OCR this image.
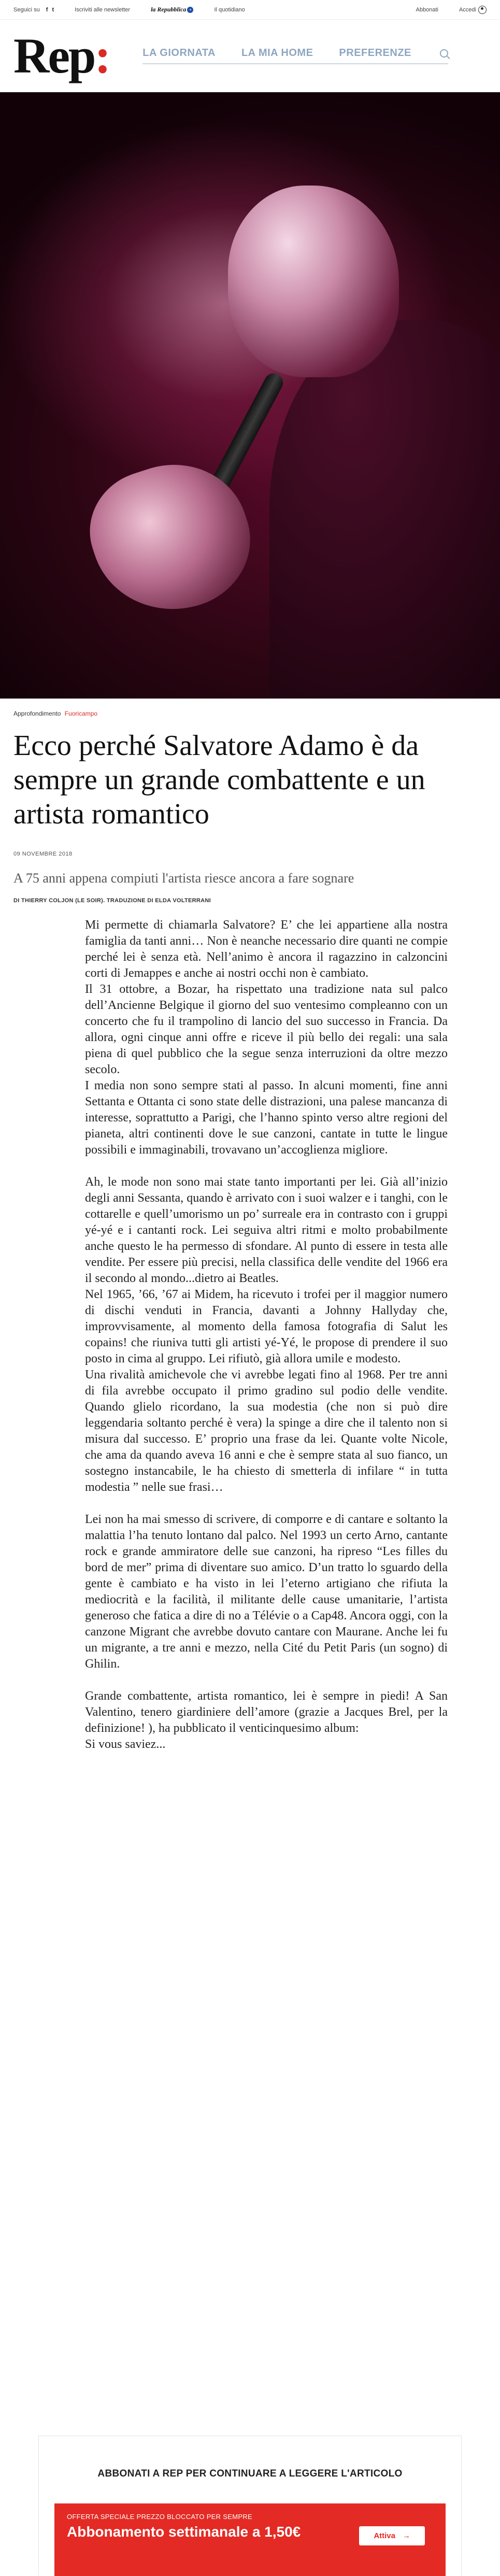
Seguici su f t	Iscriviti alle newsletter	la Repubblica +	Il quotidiano	Abbonati	Accedi
Rep:	LA GIORNATA	LA MIA HOME	PREFERENZE
Approfondimento Fuoricampo
Ecco perché Salvatore Adamo è da sempre un grande combattente e un artista romantico
09 NOVEMBRE 2018
A 75 anni appena compiuti l'artista riesce ancora a fare sognare
DI THIERRY COLJON (LE SOIR). TRADUZIONE DI ELDA VOLTERRANI

Mi permette di chiamarla Salvatore? E’ che lei appartiene alla nostra famiglia da tanti anni… Non è neanche necessario dire quanti ne compie perché lei è senza età. Nell’animo è ancora il ragazzino in calzoncini corti di Jemappes e anche ai nostri occhi non è cambiato.

Il 31 ottobre, a Bozar, ha rispettato una tradizione nata sul palco dell’Ancienne Belgique il giorno del suo ventesimo compleanno con un concerto che fu il trampolino di lancio del suo successo in Francia. Da allora, ogni cinque anni offre e riceve il più bello dei regali: una sala piena di quel pubblico che la segue senza interruzioni da oltre mezzo secolo.

I media non sono sempre stati al passo. In alcuni momenti, fine anni Settanta e Ottanta ci sono state delle distrazioni, una palese mancanza di interesse, soprattutto a Parigi, che l’hanno spinto verso altre regioni del pianeta, altri continenti dove le sue canzoni, cantate in tutte le lingue possibili e immaginabili, trovavano un’accoglienza migliore.

Ah, le mode non sono mai state tanto importanti per lei. Già all’inizio degli anni Sessanta, quando è arrivato con i suoi walzer e i tanghi, con le cottarelle e quell’umorismo un po’ surreale era in contrasto con i gruppi yé-yé e i cantanti rock. Lei seguiva altri ritmi e molto probabilmente anche questo le ha permesso di sfondare. Al punto di essere in testa alle vendite. Per essere più precisi, nella classifica delle vendite del 1966 era il secondo al mondo...dietro ai Beatles.

Nel 1965, ’66, ’67 ai Midem, ha ricevuto i trofei per il maggior numero di dischi venduti in Francia, davanti a Johnny Hallyday che, improvvisamente, al momento della famosa fotografia di Salut les copains! che riuniva tutti gli artisti yé-Yé, le propose di prendere il suo posto in cima al gruppo. Lei rifiutò, già allora umile e modesto.

Una rivalità amichevole che vi avrebbe legati fino al 1968. Per tre anni di fila avrebbe occupato il primo gradino sul podio delle vendite. Quando glielo ricordano, la sua modestia (che non si può dire leggendaria soltanto perché è vera) la spinge a dire che il talento non si misura dal successo. E’ proprio una frase da lei. Quante volte Nicole, che ama da quando aveva 16 anni e che è sempre stata al suo fianco, un sostegno instancabile, le ha chiesto di smetterla di infilare “ in tutta modestia ” nelle sue frasi…

Lei non ha mai smesso di scrivere, di comporre e di cantare e soltanto la malattia l’ha tenuto lontano dal palco. Nel 1993 un certo Arno, cantante rock e grande ammiratore delle sue canzoni, ha ripreso “Les filles du bord de mer” prima di diventare suo amico. D’un tratto lo sguardo della gente è cambiato e ha visto in lei l’eterno artigiano che rifiuta la mediocrità e la facilità, il militante delle cause umanitarie, l’artista generoso che fatica a dire di no a Télévie o a Cap48. Ancora oggi, con la canzone Migrant che avrebbe dovuto cantare con Maurane. Anche lei fu un migrante, a tre anni e mezzo, nella Cité du Petit Paris (un sogno) di Ghilin.

Grande combattente, artista romantico, lei è sempre in piedi! A San Valentino, tenero giardiniere dell’amore (grazie a Jacques Brel, per la definizione! ), ha pubblicato il venticinquesimo album:
Si vous saviez...

ABBONATI A REP PER CONTINUARE A LEGGERE L'ARTICOLO
OFFERTA SPECIALE PREZZO BLOCCATO PER SEMPRE
Abbonamento settimanale a 1,50€	Attiva →
